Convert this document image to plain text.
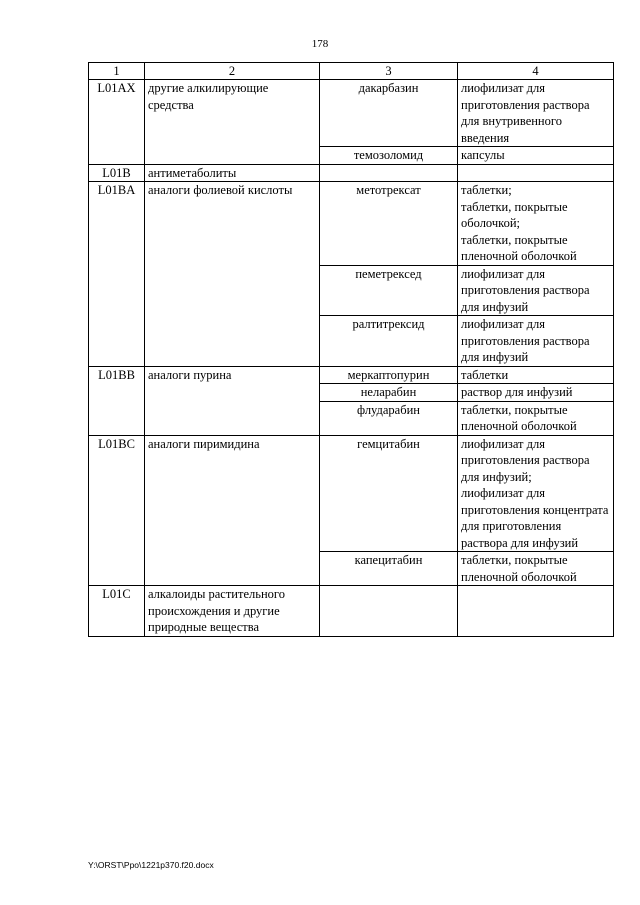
178
1	2	3	4
L01AX	другие алкилирующие средства	дакарбазин	лиофилизат для приготовления раствора для внутривенного введения
		темозоломид	капсулы
L01B	антиметаболиты		
L01BA	аналоги фолиевой кислоты	метотрексат	таблетки;
таблетки, покрытые оболочкой;
таблетки, покрытые пленочной оболочкой
		пеметрексед	лиофилизат для приготовления раствора для инфузий
		ралтитрексид	лиофилизат для приготовления раствора для инфузий
L01BB	аналоги пурина	меркаптопурин	таблетки
		неларабин	раствор для инфузий
		флударабин	таблетки, покрытые пленочной оболочкой
L01BC	аналоги пиримидина	гемцитабин	лиофилизат для приготовления раствора для инфузий;
лиофилизат для приготовления концентрата для приготовления раствора для инфузий
		капецитабин	таблетки, покрытые пленочной оболочкой
L01C	алкалоиды растительного происхождения и другие природные вещества		
Y:\ORST\Ppo\1221p370.f20.docx
